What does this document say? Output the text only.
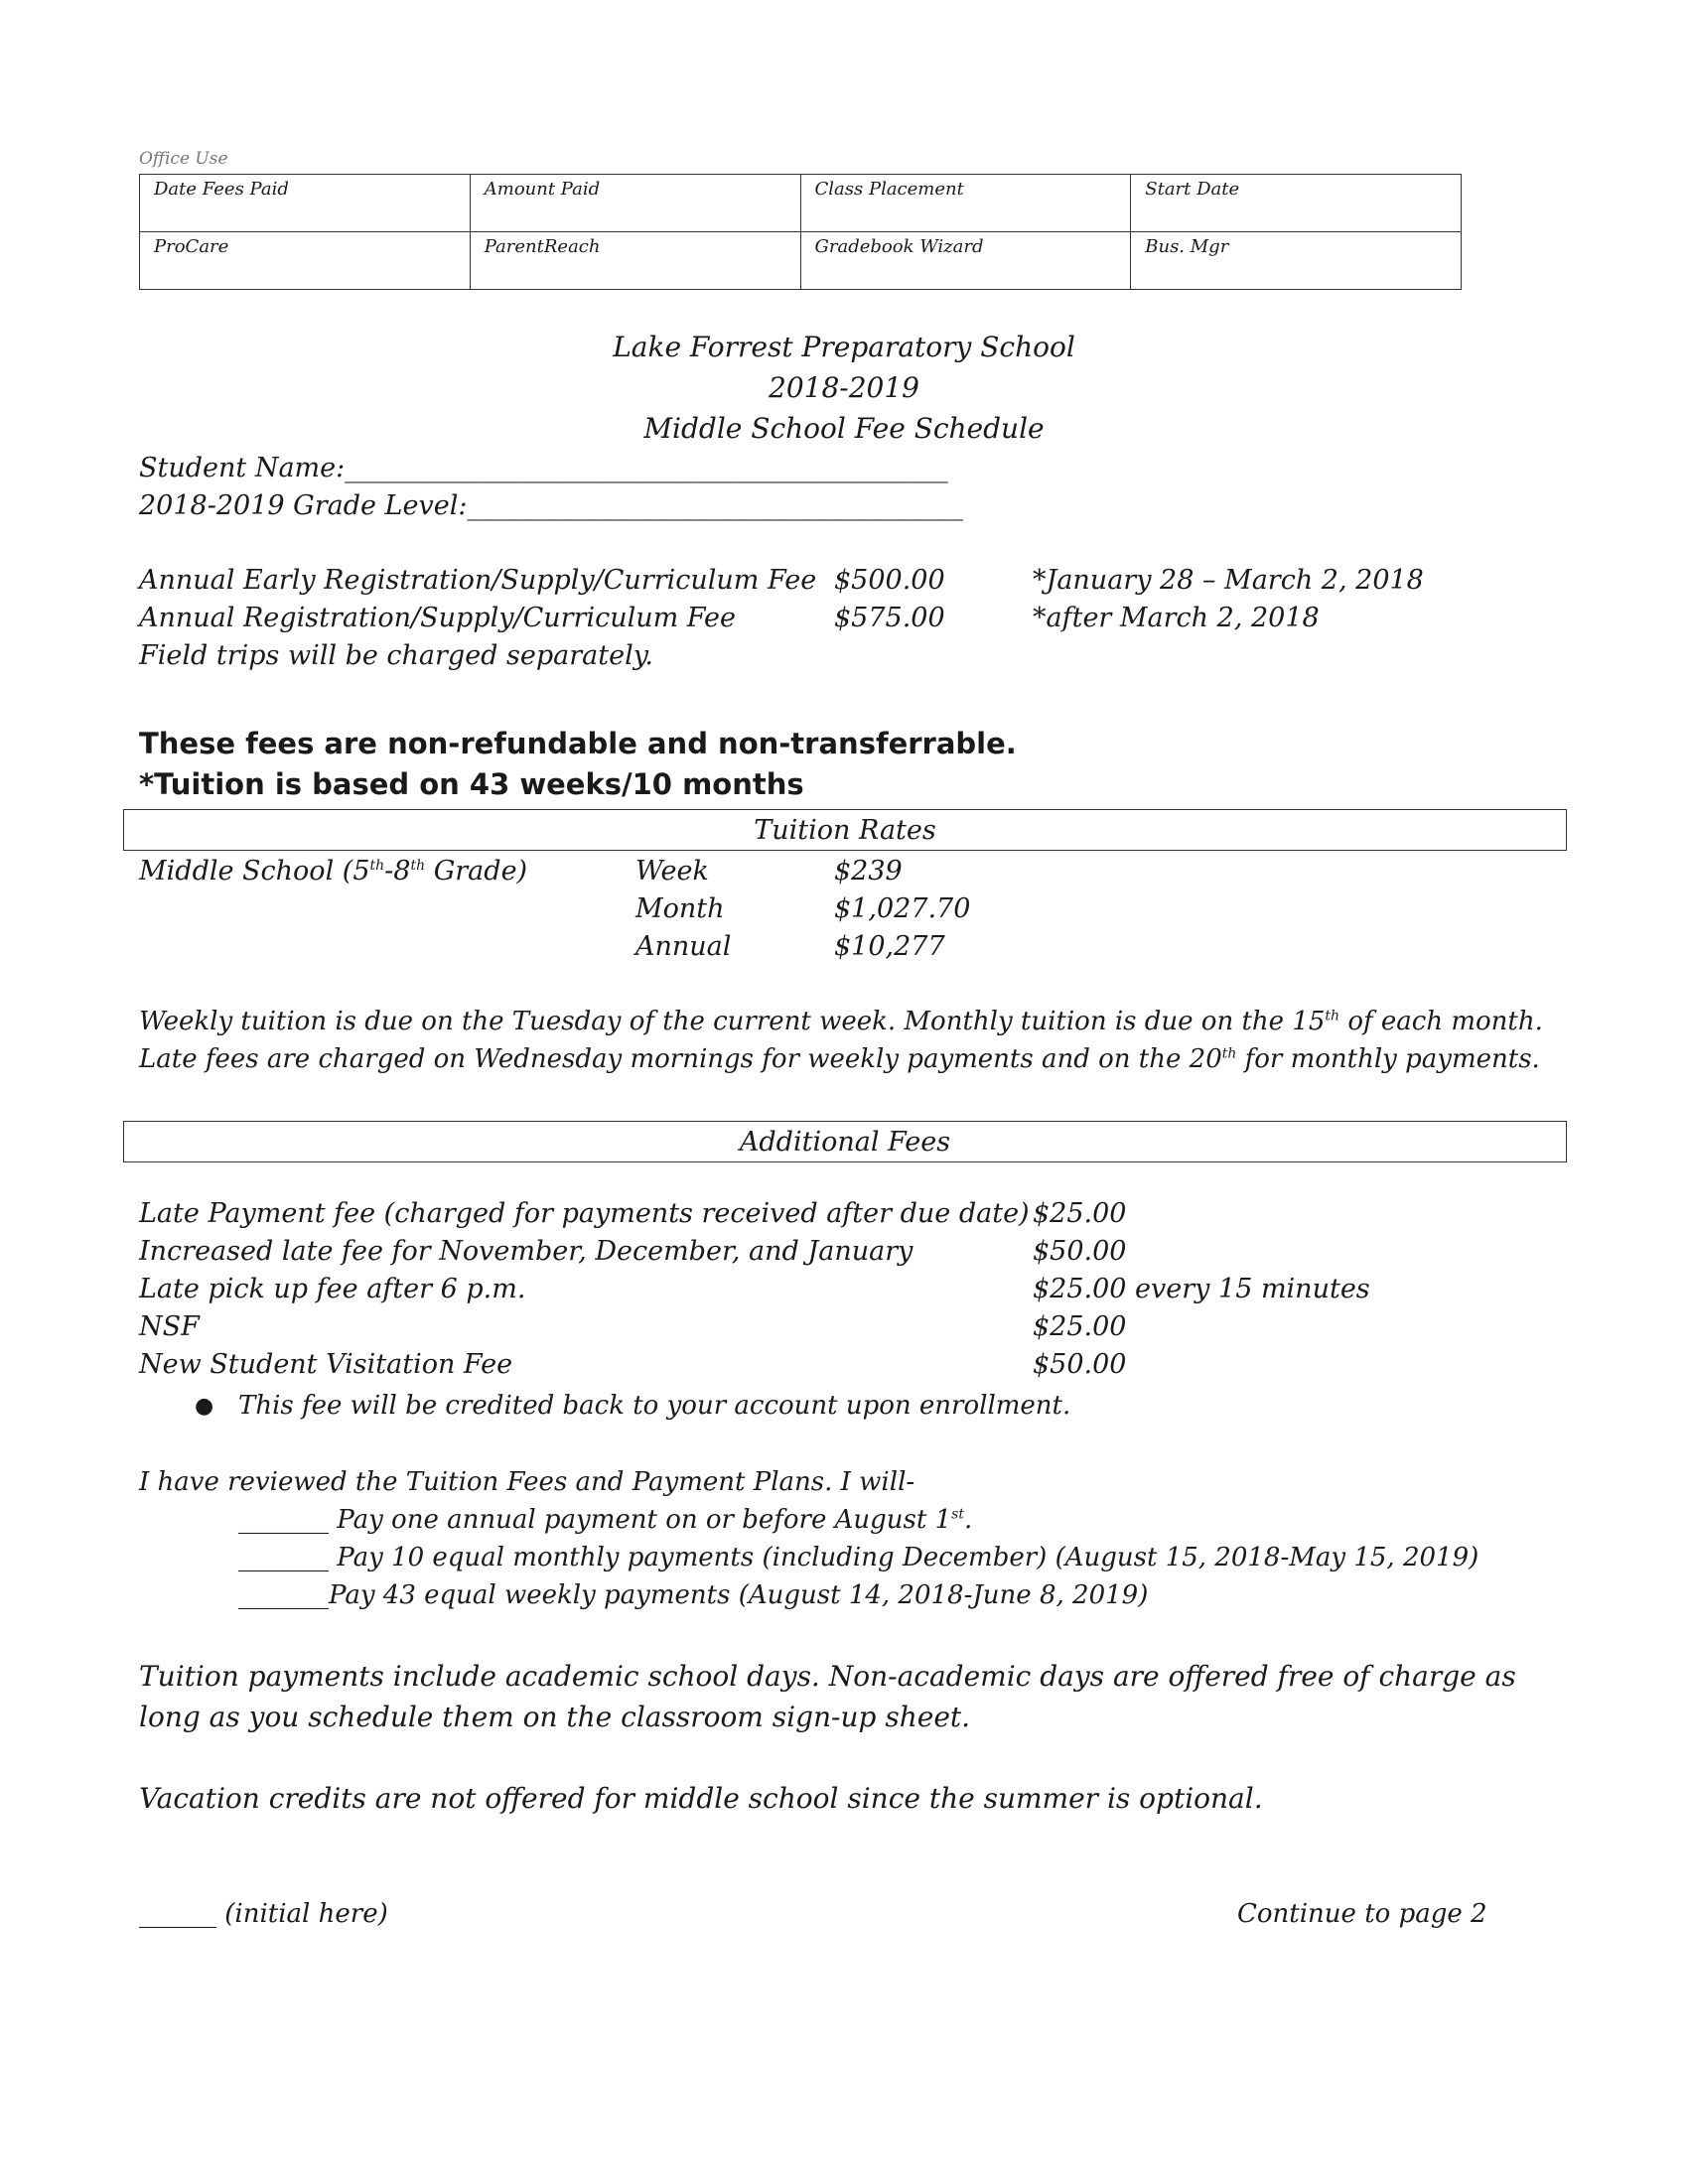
Office Use
Date Fees Paid	Amount Paid	Class Placement	Start Date
ProCare	ParentReach	Gradebook Wizard	Bus. Mgr
Lake Forrest Preparatory School
2018-2019
Middle School Fee Schedule
Student Name:_____________________________________________
2018-2019 Grade Level:_____________________________________
Annual Early Registration/Supply/Curriculum Fee $500.00	*January 28 – March 2, 2018
Annual Registration/Supply/Curriculum Fee	$575.00	*after March 2, 2018
Field trips will be charged separately.
These fees are non-refundable and non-transferrable.
*Tuition is based on 43 weeks/10 months
Tuition Rates
Middle School (5th-8th Grade)	Week	$239
Month	$1,027.70
Annual	$10,277
Weekly tuition is due on the Tuesday of the current week. Monthly tuition is due on the 15th of each month.
Late fees are charged on Wednesday mornings for weekly payments and on the 20th for monthly payments.
Additional Fees
Late Payment fee (charged for payments received after due date) $25.00
Increased late fee for November, December, and January	$50.00
Late pick up fee after 6 p.m.	$25.00 every 15 minutes
NSF	$25.00
New Student Visitation Fee	$50.00
● This fee will be credited back to your account upon enrollment.
I have reviewed the Tuition Fees and Payment Plans. I will-
_______ Pay one annual payment on or before August 1st.
_______ Pay 10 equal monthly payments (including December) (August 15, 2018-May 15, 2019)
_______Pay 43 equal weekly payments (August 14, 2018-June 8, 2019)
Tuition payments include academic school days. Non-academic days are offered free of charge as
long as you schedule them on the classroom sign-up sheet.
Vacation credits are not offered for middle school since the summer is optional.
______ (initial here)	Continue to page 2
